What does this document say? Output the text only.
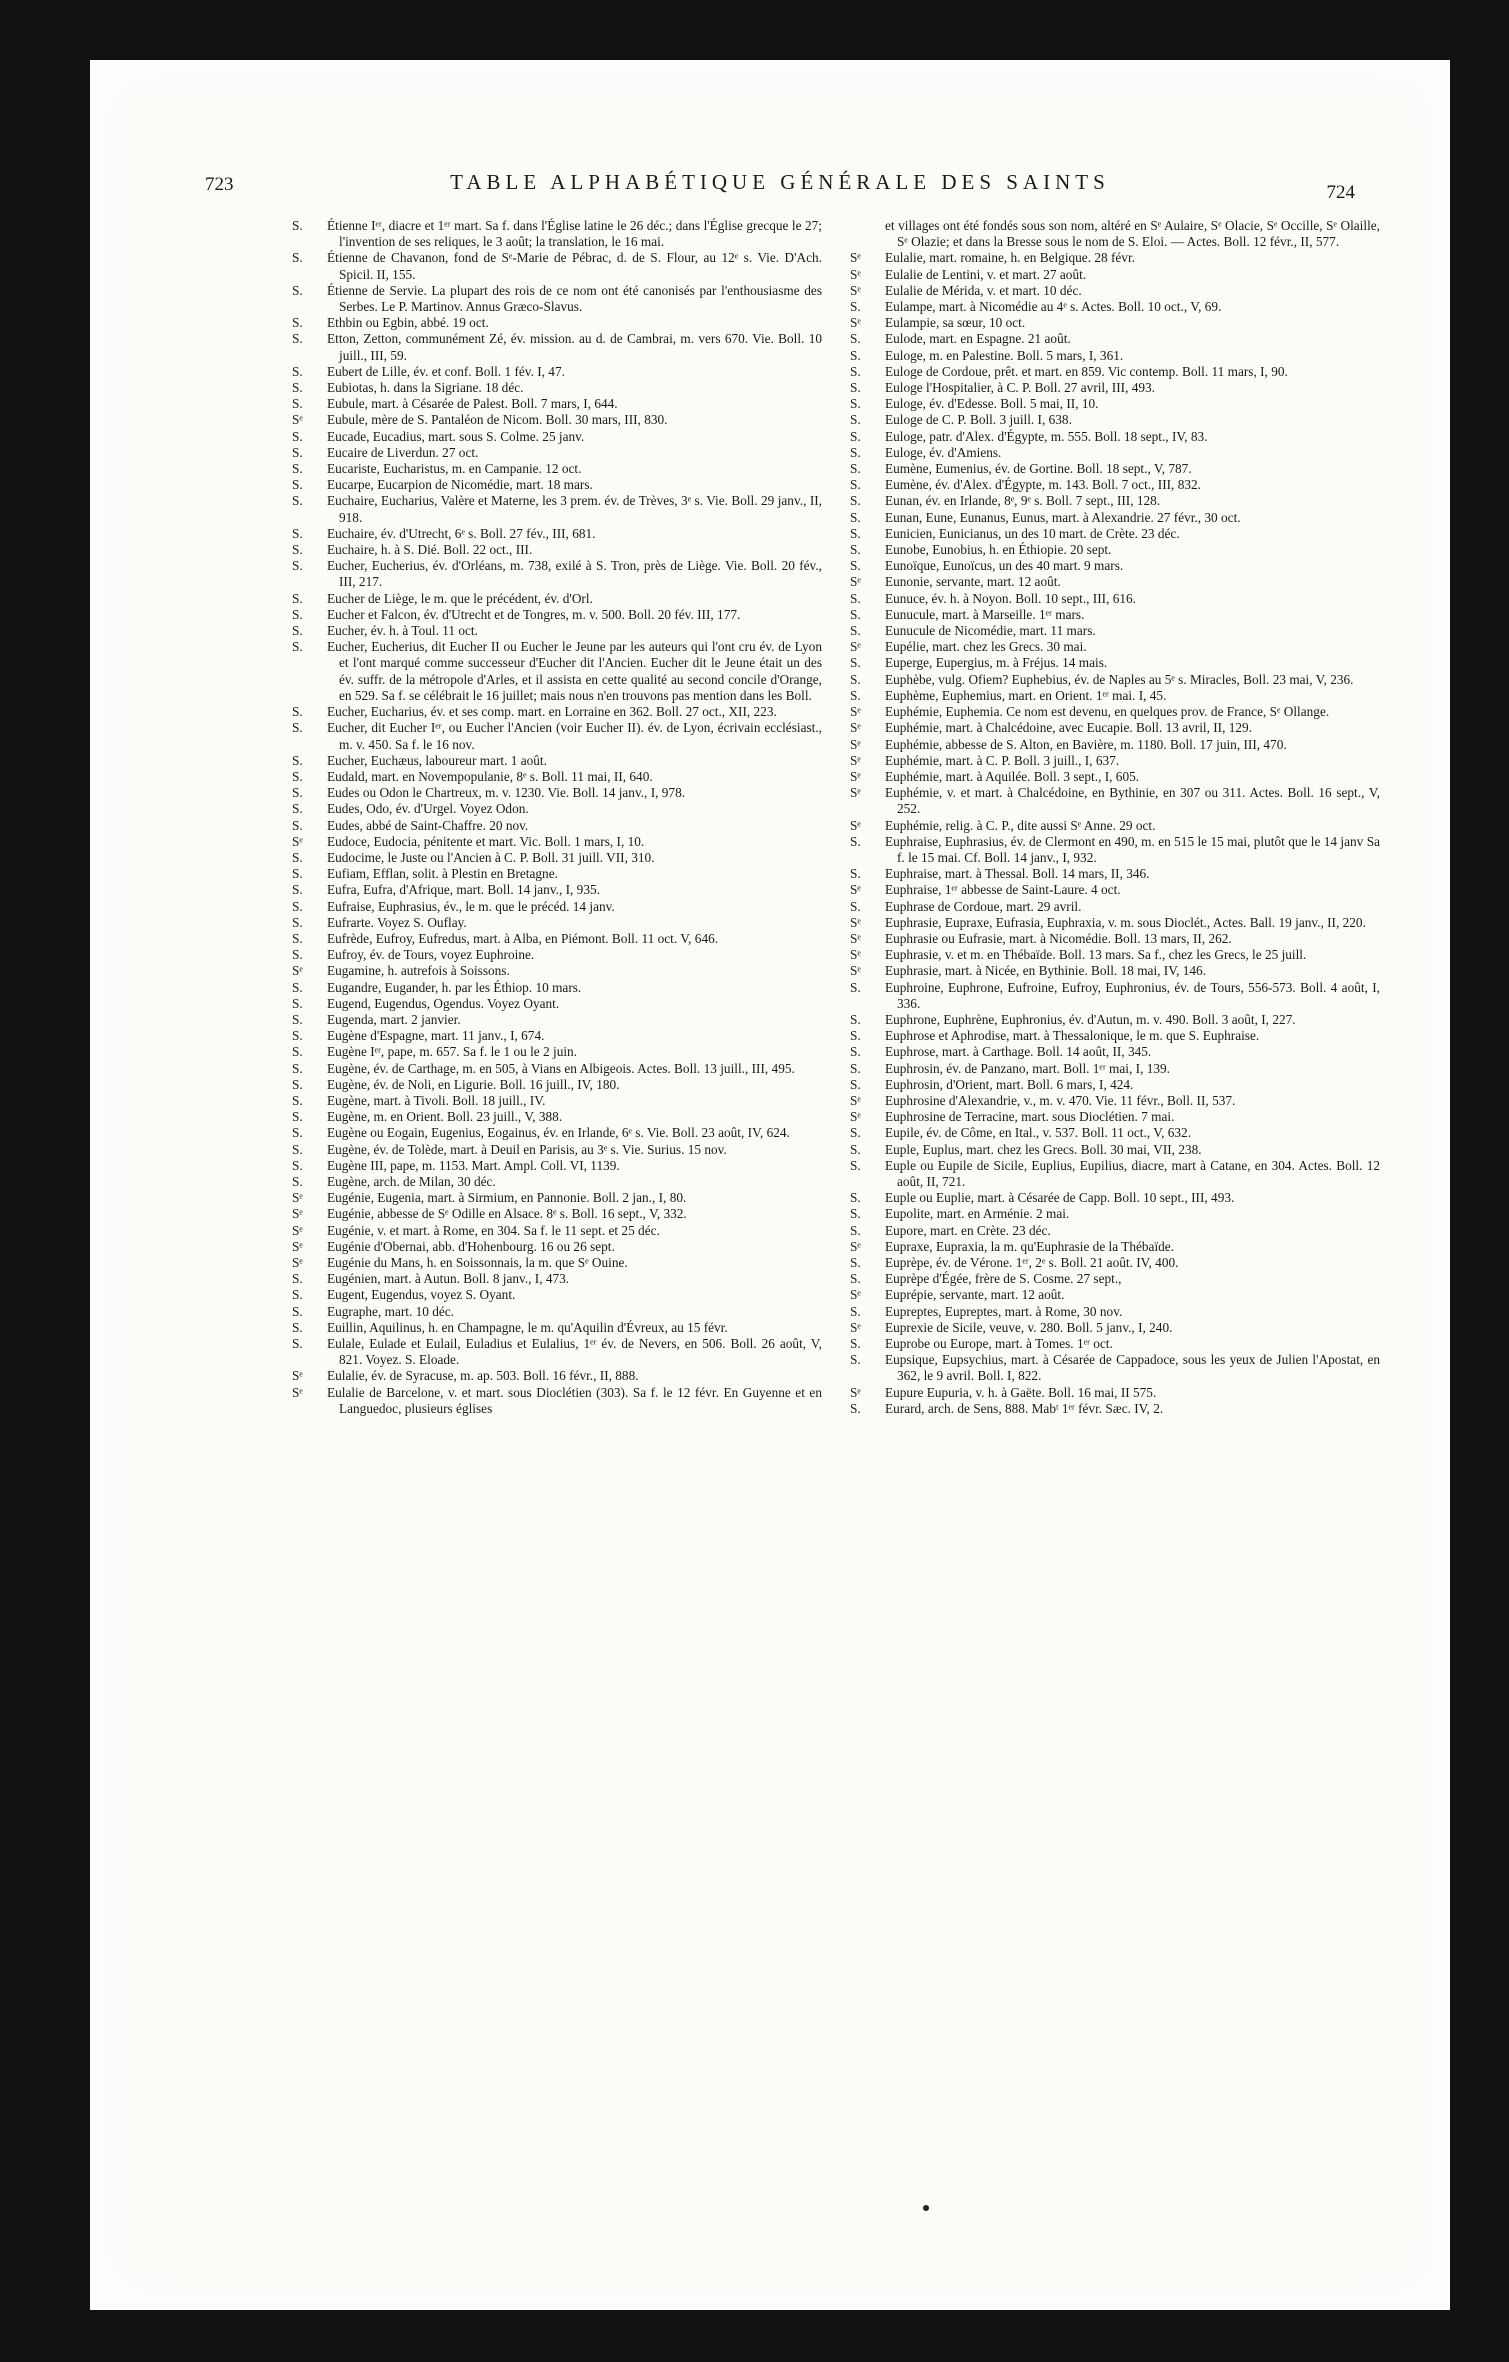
723	TABLE ALPHABÉTIQUE GÉNÉRALE DES SAINTS	724
S.	Étienne Iᵉʳ, diacre et 1ᵉʳ mart. Sa f. dans l'Église latine le 26 déc.; dans l'Église grecque le 27; l'invention de ses reliques, le 3 août; la translation, le 16 mai.
S.	Étienne de Chavanon, fond de Sᵉ-Marie de Pébrac, d. de S. Flour, au 12ᵉ s. Vie. D'Ach. Spicil. II, 155.
S.	Étienne de Servie. La plupart des rois de ce nom ont été canonisés par l'enthousiasme des Serbes. Le P. Martinov. Annus Græco-Slavus.
S.	Ethbin ou Egbin, abbé. 19 oct.
S.	Etton, Zetton, communément Zé, év. mission. au d. de Cambrai, m. vers 670. Vie. Boll. 10 juill., III, 59.
S.	Eubert de Lille, év. et conf. Boll. 1 fév. I, 47.
S.	Eubiotas, h. dans la Sigriane. 18 déc.
S.	Eubule, mart. à Césarée de Palest. Boll. 7 mars, I, 644.
Sᵉ	Eubule, mère de S. Pantaléon de Nicom. Boll. 30 mars, III, 830.
S.	Eucade, Eucadius, mart. sous S. Colme. 25 janv.
S.	Eucaire de Liverdun. 27 oct.
S.	Eucariste, Eucharistus, m. en Campanie. 12 oct.
S.	Eucarpe, Eucarpion de Nicomédie, mart. 18 mars.
S.	Euchaire, Eucharius, Valère et Materne, les 3 prem. év. de Trèves, 3ᵉ s. Vie. Boll. 29 janv., II, 918.
S.	Euchaire, év. d'Utrecht, 6ᵉ s. Boll. 27 fév., III, 681.
S.	Euchaire, h. à S. Dié. Boll. 22 oct., III.
S.	Eucher, Eucherius, év. d'Orléans, m. 738, exilé à S. Tron, près de Liège. Vie. Boll. 20 fév., III, 217.
S.	Eucher de Liège, le m. que le précédent, év. d'Orl.
S.	Eucher et Falcon, év. d'Utrecht et de Tongres, m. v. 500. Boll. 20 fév. III, 177.
S.	Eucher, év. h. à Toul. 11 oct.
S.	Eucher, Eucherius, dit Eucher II ou Eucher le Jeune par les auteurs qui l'ont cru év. de Lyon et l'ont marqué comme successeur d'Eucher dit l'Ancien. Eucher dit le Jeune était un des év. suffr. de la métropole d'Arles, et il assista en cette qualité au second concile d'Orange, en 529. Sa f. se célébrait le 16 juillet; mais nous n'en trouvons pas mention dans les Boll.
S.	Eucher, Eucharius, év. et ses comp. mart. en Lorraine en 362. Boll. 27 oct., XII, 223.
S.	Eucher, dit Eucher Iᵉʳ, ou Eucher l'Ancien (voir Eucher II). év. de Lyon, écrivain ecclésiast., m. v. 450. Sa f. le 16 nov.
S.	Eucher, Euchæus, laboureur mart. 1 août.
S.	Eudald, mart. en Novempopulanie, 8ᵉ s. Boll. 11 mai, II, 640.
S.	Eudes ou Odon le Chartreux, m. v. 1230. Vie. Boll. 14 janv., I, 978.
S.	Eudes, Odo, év. d'Urgel. Voyez Odon.
S.	Eudes, abbé de Saint-Chaffre. 20 nov.
Sᵉ	Eudoce, Eudocia, pénitente et mart. Vic. Boll. 1 mars, I, 10.
S.	Eudocime, le Juste ou l'Ancien à C. P. Boll. 31 juill. VII, 310.
S.	Eufiam, Efflan, solit. à Plestin en Bretagne.
S.	Eufra, Eufra, d'Afrique, mart. Boll. 14 janv., I, 935.
S.	Eufraise, Euphrasius, év., le m. que le précéd. 14 janv.
S.	Eufrarte. Voyez S. Ouflay.
S.	Eufrède, Eufroy, Eufredus, mart. à Alba, en Piémont. Boll. 11 oct. V, 646.
S.	Eufroy, év. de Tours, voyez Euphroine.
Sᵉ	Eugamine, h. autrefois à Soissons.
S.	Eugandre, Eugander, h. par les Éthiop. 10 mars.
S.	Eugend, Eugendus, Ogendus. Voyez Oyant.
S.	Eugenda, mart. 2 janvier.
S.	Eugène d'Espagne, mart. 11 janv., I, 674.
S.	Eugène Iᵉʳ, pape, m. 657. Sa f. le 1 ou le 2 juin.
S.	Eugène, év. de Carthage, m. en 505, à Vians en Albigeois. Actes. Boll. 13 juill., III, 495.
S.	Eugène, év. de Noli, en Ligurie. Boll. 16 juill., IV, 180.
S.	Eugène, mart. à Tivoli. Boll. 18 juill., IV.
S.	Eugène, m. en Orient. Boll. 23 juill., V, 388.
S.	Eugène ou Eogain, Eugenius, Eogainus, év. en Irlande, 6ᵉ s. Vie. Boll. 23 août, IV, 624.
S.	Eugène, év. de Tolède, mart. à Deuil en Parisis, au 3ᵉ s. Vie. Surius. 15 nov.
S.	Eugène III, pape, m. 1153. Mart. Ampl. Coll. VI, 1139.
S.	Eugène, arch. de Milan, 30 déc.
Sᵉ	Eugénie, Eugenia, mart. à Sirmium, en Pannonie. Boll. 2 jan., I, 80.
Sᵉ	Eugénie, abbesse de Sᵉ Odille en Alsace. 8ᵉ s. Boll. 16 sept., V, 332.
Sᵉ	Eugénie, v. et mart. à Rome, en 304. Sa f. le 11 sept. et 25 déc.
Sᵉ	Eugénie d'Obernai, abb. d'Hohenbourg. 16 ou 26 sept.
Sᵉ	Eugénie du Mans, h. en Soissonnais, la m. que Sᵉ Ouine.
S.	Eugénien, mart. à Autun. Boll. 8 janv., I, 473.
S.	Eugent, Eugendus, voyez S. Oyant.
S.	Eugraphe, mart. 10 déc.
S.	Euillin, Aquilinus, h. en Champagne, le m. qu'Aquilin d'Évreux, au 15 févr.
S.	Eulale, Eulade et Eulail, Euladius et Eulalius, 1ᵉʳ év. de Nevers, en 506. Boll. 26 août, V, 821. Voyez. S. Eloade.
Sᵉ	Eulalie, év. de Syracuse, m. ap. 503. Boll. 16 févr., II, 888.
Sᵉ	Eulalie de Barcelone, v. et mart. sous Dioclétien (303). Sa f. le 12 févr. En Guyenne et en Languedoc, plusieurs églises
et villages ont été fondés sous son nom, altéré en Sᵉ Aulaire, Sᵉ Olacie, Sᵉ Occille, Sᵉ Olaille, Sᵉ Olazie; et dans la Bresse sous le nom de S. Eloi. — Actes. Boll. 12 févr., II, 577.
Sᵉ	Eulalie, mart. romaine, h. en Belgique. 28 févr.
Sᵉ	Eulalie de Lentini, v. et mart. 27 août.
Sᵉ	Eulalie de Mérida, v. et mart. 10 déc.
S.	Eulampe, mart. à Nicomédie au 4ᵉ s. Actes. Boll. 10 oct., V, 69.
Sᵉ	Eulampie, sa sœur, 10 oct.
S.	Eulode, mart. en Espagne. 21 août.
S.	Euloge, m. en Palestine. Boll. 5 mars, I, 361.
S.	Euloge de Cordoue, prêt. et mart. en 859. Vic contemp. Boll. 11 mars, I, 90.
S.	Euloge l'Hospitalier, à C. P. Boll. 27 avril, III, 493.
S.	Euloge, év. d'Edesse. Boll. 5 mai, II, 10.
S.	Euloge de C. P. Boll. 3 juill. I, 638.
S.	Euloge, patr. d'Alex. d'Égypte, m. 555. Boll. 18 sept., IV, 83.
S.	Euloge, év. d'Amiens.
S.	Eumène, Eumenius, év. de Gortine. Boll. 18 sept., V, 787.
S.	Eumène, év. d'Alex. d'Égypte, m. 143. Boll. 7 oct., III, 832.
S.	Eunan, év. en Irlande, 8ᵉ, 9ᵉ s. Boll. 7 sept., III, 128.
S.	Eunan, Eune, Eunanus, Eunus, mart. à Alexandrie. 27 févr., 30 oct.
S.	Eunicien, Eunicianus, un des 10 mart. de Crète. 23 déc.
S.	Eunobe, Eunobius, h. en Éthiopie. 20 sept.
S.	Eunoïque, Eunoïcus, un des 40 mart. 9 mars.
Sᵉ	Eunonie, servante, mart. 12 août.
S.	Eunuce, év. h. à Noyon. Boll. 10 sept., III, 616.
S.	Eunucule, mart. à Marseille. 1ᵉʳ mars.
S.	Eunucule de Nicomédie, mart. 11 mars.
Sᵉ	Eupélie, mart. chez les Grecs. 30 mai.
S.	Euperge, Eupergius, m. à Fréjus. 14 mais.
S.	Euphèbe, vulg. Ofiem? Euphebius, év. de Naples au 5ᵉ s. Miracles, Boll. 23 mai, V, 236.
S.	Euphème, Euphemius, mart. en Orient. 1ᵉʳ mai. I, 45.
Sᵉ	Euphémie, Euphemia. Ce nom est devenu, en quelques prov. de France, Sᵉ Ollange.
Sᵉ	Euphémie, mart. à Chalcédoine, avec Eucapie. Boll. 13 avril, II, 129.
Sᵉ	Euphémie, abbesse de S. Alton, en Bavière, m. 1180. Boll. 17 juin, III, 470.
Sᵉ	Euphémie, mart. à C. P. Boll. 3 juill., I, 637.
Sᵉ	Euphémie, mart. à Aquilée. Boll. 3 sept., I, 605.
Sᵉ	Euphémie, v. et mart. à Chalcédoine, en Bythinie, en 307 ou 311. Actes. Boll. 16 sept., V, 252.
Sᵉ	Euphémie, relig. à C. P., dite aussi Sᵉ Anne. 29 oct.
S.	Euphraise, Euphrasius, év. de Clermont en 490, m. en 515 le 15 mai, plutôt que le 14 janv Sa f. le 15 mai. Cf. Boll. 14 janv., I, 932.
S.	Euphraise, mart. à Thessal. Boll. 14 mars, II, 346.
Sᵉ	Euphraise, 1ᵉʳ abbesse de Saint-Laure. 4 oct.
S.	Euphrase de Cordoue, mart. 29 avril.
Sᵉ	Euphrasie, Eupraxe, Eufrasia, Euphraxia, v. m. sous Dioclét., Actes. Ball. 19 janv., II, 220.
Sᵉ	Euphrasie ou Eufrasie, mart. à Nicomédie. Boll. 13 mars, II, 262.
Sᵉ	Euphrasie, v. et m. en Thébaïde. Boll. 13 mars. Sa f., chez les Grecs, le 25 juill.
Sᵉ	Euphrasie, mart. à Nicée, en Bythinie. Boll. 18 mai, IV, 146.
S.	Euphroine, Euphrone, Eufroine, Eufroy, Euphronius, év. de Tours, 556-573. Boll. 4 août, I, 336.
S.	Euphrone, Euphrène, Euphronius, év. d'Autun, m. v. 490. Boll. 3 août, I, 227.
S.	Euphrose et Aphrodise, mart. à Thessalonique, le m. que S. Euphraise.
S.	Euphrose, mart. à Carthage. Boll. 14 août, II, 345.
S.	Euphrosin, év. de Panzano, mart. Boll. 1ᵉʳ mai, I, 139.
S.	Euphrosin, d'Orient, mart. Boll. 6 mars, I, 424.
Sᵉ	Euphrosine d'Alexandrie, v., m. v. 470. Vie. 11 févr., Boll. II, 537.
Sᵉ	Euphrosine de Terracine, mart. sous Dioclétien. 7 mai.
S.	Eupile, év. de Côme, en Ital., v. 537. Boll. 11 oct., V, 632.
S.	Euple, Euplus, mart. chez les Grecs. Boll. 30 mai, VII, 238.
S.	Euple ou Eupile de Sicile, Euplius, Eupilius, diacre, mart à Catane, en 304. Actes. Boll. 12 août, II, 721.
S.	Euple ou Euplie, mart. à Césarée de Capp. Boll. 10 sept., III, 493.
S.	Eupolite, mart. en Arménie. 2 mai.
S.	Eupore, mart. en Crète. 23 déc.
Sᵉ	Eupraxe, Eupraxia, la m. qu'Euphrasie de la Thébaïde.
S.	Euprèpe, év. de Vérone. 1ᵉʳ, 2ᵉ s. Boll. 21 août. IV, 400.
S.	Euprèpe d'Égée, frère de S. Cosme. 27 sept.,
Sᵉ	Euprépie, servante, mart. 12 août.
S.	Eupreptes, Eupreptes, mart. à Rome, 30 nov.
Sᵉ	Euprexie de Sicile, veuve, v. 280. Boll. 5 janv., I, 240.
S.	Euprobe ou Europe, mart. à Tomes. 1ᵉʳ oct.
S.	Eupsique, Eupsychius, mart. à Césarée de Cappadoce, sous les yeux de Julien l'Apostat, en 362, le 9 avril. Boll. I, 822.
Sᵉ	Eupure Eupuria, v. h. à Gaëte. Boll. 16 mai, II 575.
S.	Eurard, arch. de Sens, 888. Mabᵗ 1ᵉʳ févr. Sæc. IV, 2.
